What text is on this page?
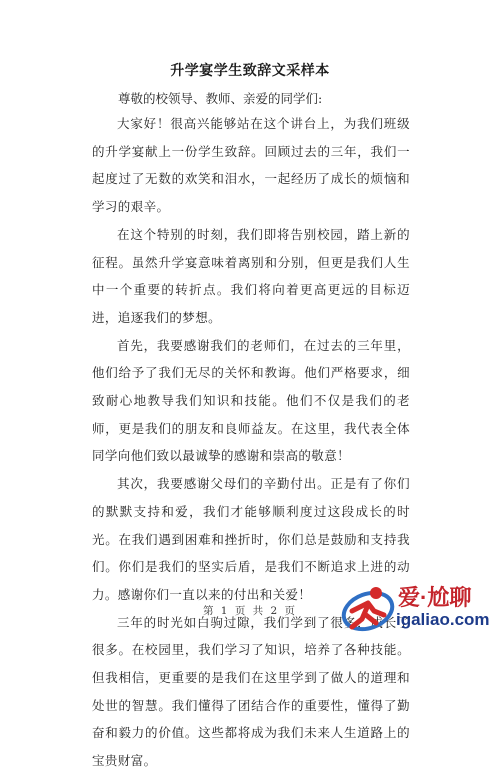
升学宴学生致辞文采样本
尊敬的校领导、教师、亲爱的同学们:

大家好！很高兴能够站在这个讲台上，为我们班级的升学宴献上一份学生致辞。回顾过去的三年，我们一起度过了无数的欢笑和泪水，一起经历了成长的烦恼和学习的艰辛。

在这个特别的时刻，我们即将告别校园，踏上新的征程。虽然升学宴意味着离别和分别，但更是我们人生中一个重要的转折点。我们将向着更高更远的目标迈进，追逐我们的梦想。

首先，我要感谢我们的老师们，在过去的三年里，他们给予了我们无尽的关怀和教诲。他们严格要求，细致耐心地教导我们知识和技能。他们不仅是我们的老师，更是我们的朋友和良师益友。在这里，我代表全体同学向他们致以最诚挚的感谢和崇高的敬意！

其次，我要感谢父母们的辛勤付出。正是有了你们的默默支持和爱，我们才能够顺利度过这段成长的时光。在我们遇到困难和挫折时，你们总是鼓励和支持我们。你们是我们的坚实后盾，是我们不断追求上进的动力。感谢你们一直以来的付出和关爱！

三年的时光如白驹过隙，我们学到了很多，成长了很多。在校园里，我们学习了知识，培养了各种技能。但我相信，更重要的是我们在这里学到了做人的道理和处世的智慧。我们懂得了团结合作的重要性，懂得了勤奋和毅力的价值。这些都将成为我们未来人生道路上的宝贵财富。

第 1 页 共 2 页
爱·尬聊
igaliao.com
